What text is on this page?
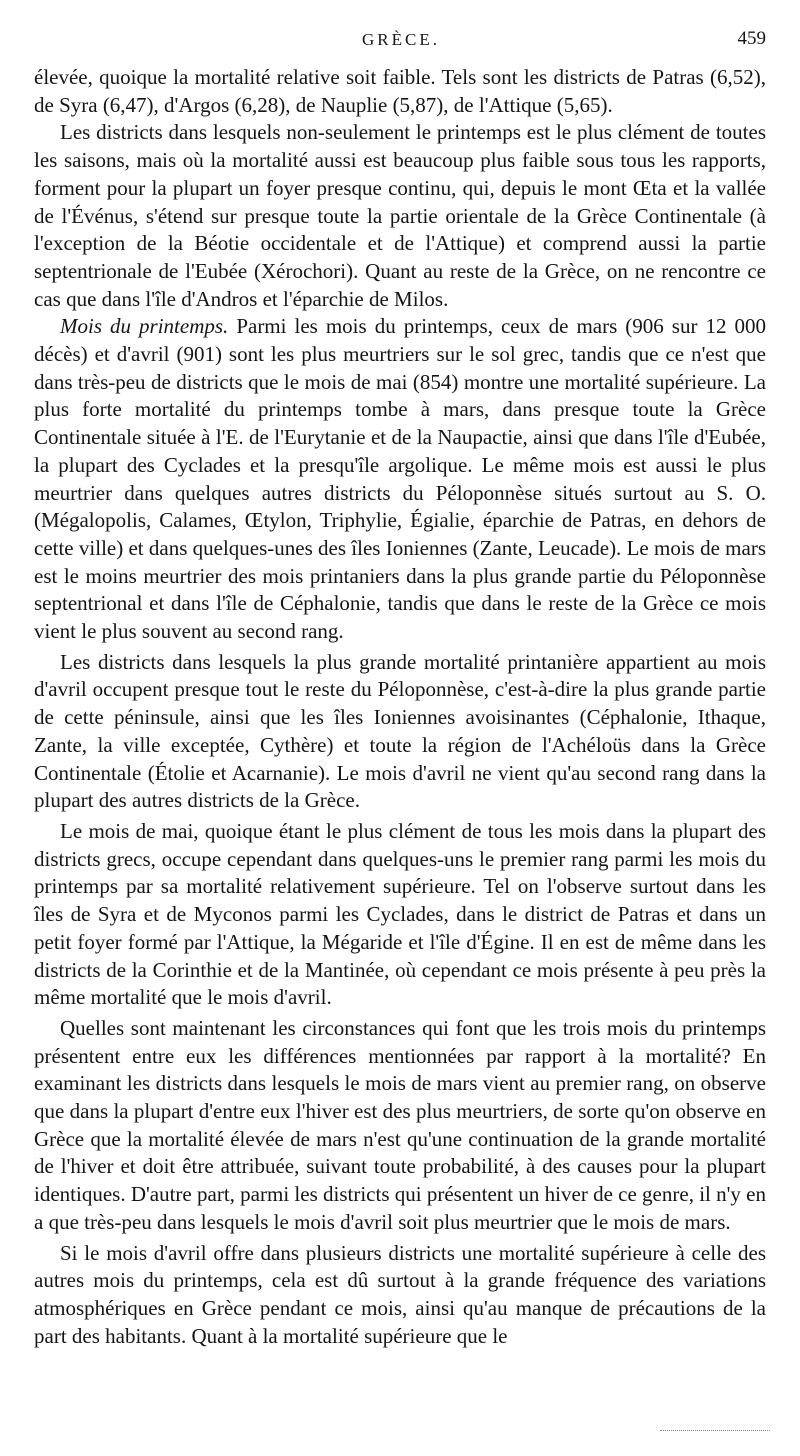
GRÈCE.	459

élevée, quoique la mortalité relative soit faible. Tels sont les districts de Patras (6,52), de Syra (6,47), d'Argos (6,28), de Nauplie (5,87), de l'Attique (5,65).

Les districts dans lesquels non-seulement le printemps est le plus clément de toutes les saisons, mais où la mortalité aussi est beaucoup plus faible sous tous les rapports, forment pour la plupart un foyer presque continu, qui, depuis le mont Œta et la vallée de l'Événus, s'étend sur presque toute la partie orientale de la Grèce Continentale (à l'exception de la Béotie occidentale et de l'Attique) et comprend aussi la partie septentrionale de l'Eubée (Xérochori). Quant au reste de la Grèce, on ne rencontre ce cas que dans l'île d'Andros et l'éparchie de Milos.

Mois du printemps. Parmi les mois du printemps, ceux de mars (906 sur 12 000 décès) et d'avril (901) sont les plus meurtriers sur le sol grec, tandis que ce n'est que dans très-peu de districts que le mois de mai (854) montre une mortalité supérieure. La plus forte mortalité du printemps tombe à mars, dans presque toute la Grèce Continentale située à l'E. de l'Eurytanie et de la Naupactie, ainsi que dans l'île d'Eubée, la plupart des Cyclades et la presqu'île argolique. Le même mois est aussi le plus meurtrier dans quelques autres districts du Péloponnèse situés surtout au S. O. (Mégalopolis, Calames, Œtylon, Triphylie, Égialie, éparchie de Patras, en dehors de cette ville) et dans quelques-unes des îles Ioniennes (Zante, Leucade). Le mois de mars est le moins meurtrier des mois printaniers dans la plus grande partie du Péloponnèse septentrional et dans l'île de Céphalonie, tandis que dans le reste de la Grèce ce mois vient le plus souvent au second rang.

Les districts dans lesquels la plus grande mortalité printanière appartient au mois d'avril occupent presque tout le reste du Péloponnèse, c'est-à-dire la plus grande partie de cette péninsule, ainsi que les îles Ioniennes avoisinantes (Céphalonie, Ithaque, Zante, la ville exceptée, Cythère) et toute la région de l'Achéloüs dans la Grèce Continentale (Étolie et Acarnanie). Le mois d'avril ne vient qu'au second rang dans la plupart des autres districts de la Grèce.

Le mois de mai, quoique étant le plus clément de tous les mois dans la plupart des districts grecs, occupe cependant dans quelques-uns le premier rang parmi les mois du printemps par sa mortalité relativement supérieure. Tel on l'observe surtout dans les îles de Syra et de Myconos parmi les Cyclades, dans le district de Patras et dans un petit foyer formé par l'Attique, la Mégaride et l'île d'Égine. Il en est de même dans les districts de la Corinthie et de la Mantinée, où cependant ce mois présente à peu près la même mortalité que le mois d'avril.

Quelles sont maintenant les circonstances qui font que les trois mois du printemps présentent entre eux les différences mentionnées par rapport à la mortalité? En examinant les districts dans lesquels le mois de mars vient au premier rang, on observe que dans la plupart d'entre eux l'hiver est des plus meurtriers, de sorte qu'on observe en Grèce que la mortalité élevée de mars n'est qu'une continuation de la grande mortalité de l'hiver et doit être attribuée, suivant toute probabilité, à des causes pour la plupart identiques. D'autre part, parmi les districts qui présentent un hiver de ce genre, il n'y en a que très-peu dans lesquels le mois d'avril soit plus meurtrier que le mois de mars.

Si le mois d'avril offre dans plusieurs districts une mortalité supérieure à celle des autres mois du printemps, cela est dû surtout à la grande fréquence des variations atmosphériques en Grèce pendant ce mois, ainsi qu'au manque de précautions de la part des habitants. Quant à la mortalité supérieure que le
